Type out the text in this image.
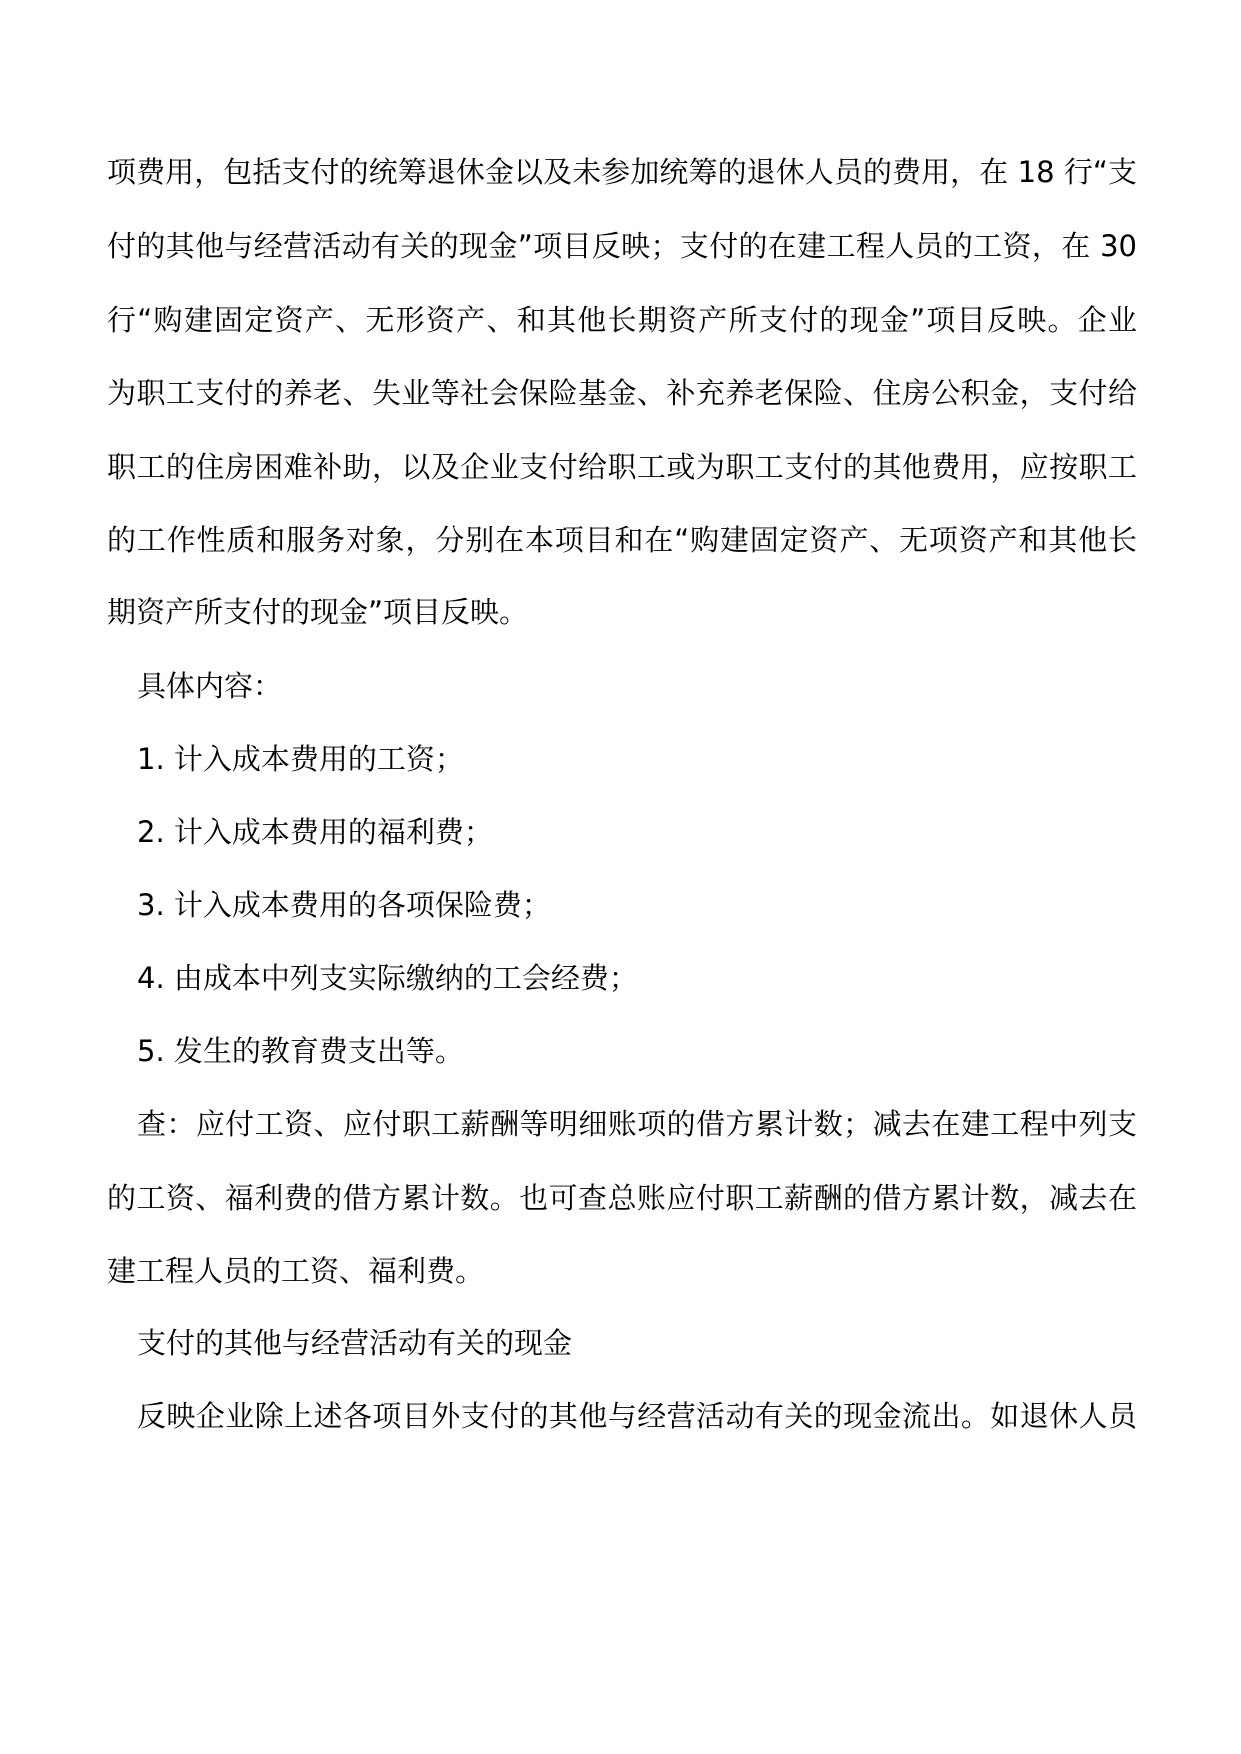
项费用，包括支付的统筹退休金以及未参加统筹的退休人员的费用，在 18 行“支
付的其他与经营活动有关的现金”项目反映；支付的在建工程人员的工资，在 30
行“购建固定资产、无形资产、和其他长期资产所支付的现金”项目反映。企业
为职工支付的养老、失业等社会保险基金、补充养老保险、住房公积金，支付给
职工的住房困难补助，以及企业支付给职工或为职工支付的其他费用，应按职工
的工作性质和服务对象，分别在本项目和在“购建固定资产、无项资产和其他长
期资产所支付的现金”项目反映。
具体内容：
1. 计入成本费用的工资；
2. 计入成本费用的福利费；
3. 计入成本费用的各项保险费；
4. 由成本中列支实际缴纳的工会经费；
5. 发生的教育费支出等。
查：应付工资、应付职工薪酬等明细账项的借方累计数；减去在建工程中列支
的工资、福利费的借方累计数。也可查总账应付职工薪酬的借方累计数，减去在
建工程人员的工资、福利费。
支付的其他与经营活动有关的现金
反映企业除上述各项目外支付的其他与经营活动有关的现金流出。如退休人员
